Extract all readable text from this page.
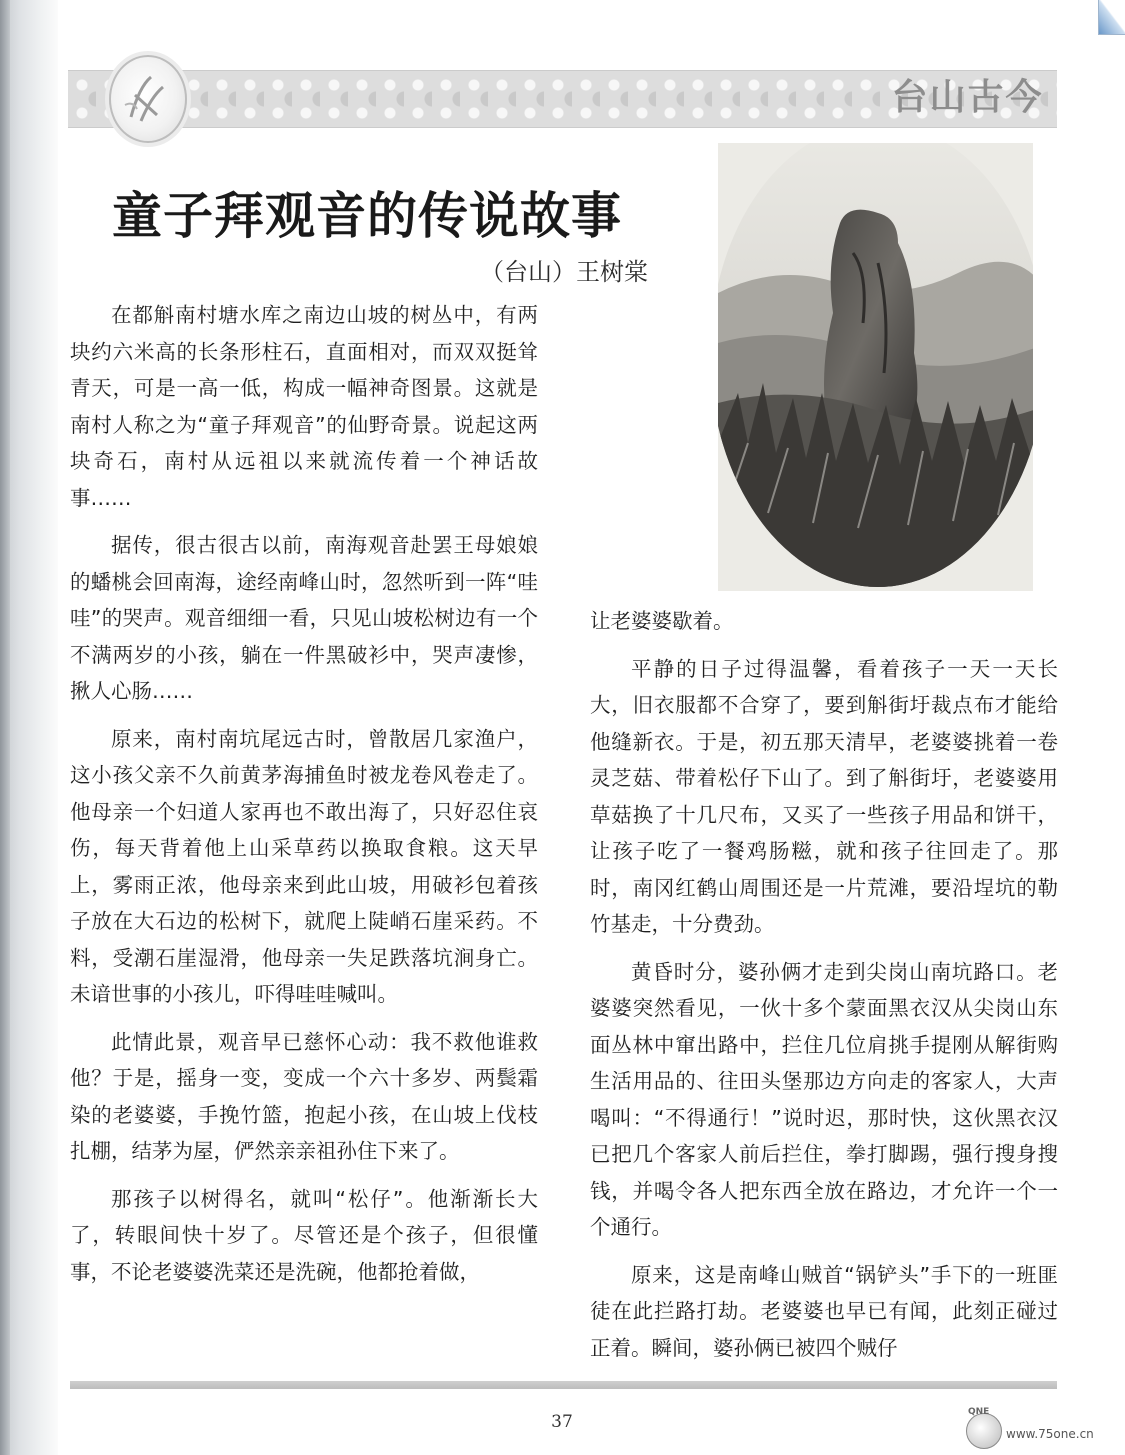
台山古今
童子拜观音的传说故事
（台山）王树棠

在都斛南村塘水库之南边山坡的树丛中，有两块约六米高的长条形柱石，直面相对，而双双挺耸青天，可是一高一低，构成一幅神奇图景。这就是南村人称之为“童子拜观音”的仙野奇景。说起这两块奇石，南村从远祖以来就流传着一个神话故事……

据传，很古很古以前，南海观音赴罢王母娘娘的蟠桃会回南海，途经南峰山时，忽然听到一阵“哇哇”的哭声。观音细细一看，只见山坡松树边有一个不满两岁的小孩，躺在一件黑破衫中，哭声凄惨，揪人心肠……

原来，南村南坑尾远古时，曾散居几家渔户，这小孩父亲不久前黄茅海捕鱼时被龙卷风卷走了。他母亲一个妇道人家再也不敢出海了，只好忍住哀伤，每天背着他上山采草药以换取食粮。这天早上，雾雨正浓，他母亲来到此山坡，用破衫包着孩子放在大石边的松树下，就爬上陡峭石崖采药。不料，受潮石崖湿滑，他母亲一失足跌落坑涧身亡。未谙世事的小孩儿，吓得哇哇喊叫。

此情此景，观音早已慈怀心动：我不救他谁救他？于是，摇身一变，变成一个六十多岁、两鬓霜染的老婆婆，手挽竹篮，抱起小孩，在山坡上伐枝扎棚，结茅为屋，俨然亲亲祖孙住下来了。

那孩子以树得名，就叫“松仔”。他渐渐长大了，转眼间快十岁了。尽管还是个孩子，但很懂事，不论老婆婆洗菜还是洗碗，他都抢着做，

让老婆婆歇着。

平静的日子过得温馨，看着孩子一天一天长大，旧衣服都不合穿了，要到斛街圩裁点布才能给他缝新衣。于是，初五那天清早，老婆婆挑着一卷灵芝菇、带着松仔下山了。到了斛街圩，老婆婆用草菇换了十几尺布，又买了一些孩子用品和饼干，让孩子吃了一餐鸡肠糍，就和孩子往回走了。那时，南冈红鹤山周围还是一片荒滩，要沿埕坑的勒竹基走，十分费劲。

黄昏时分，婆孙俩才走到尖岗山南坑路口。老婆婆突然看见，一伙十多个蒙面黑衣汉从尖岗山东面丛林中窜出路中，拦住几位肩挑手提刚从解街购生活用品的、往田头堡那边方向走的客家人，大声喝叫：“不得通行！”说时迟，那时快，这伙黑衣汉已把几个客家人前后拦住，拳打脚踢，强行搜身搜钱，并喝令各人把东西全放在路边，才允许一个一个通行。

原来，这是南峰山贼首“锅铲头”手下的一班匪徒在此拦路打劫。老婆婆也早已有闻，此刻正碰过正着。瞬间，婆孙俩已被四个贼仔

37	QNE
www.75one.cn
